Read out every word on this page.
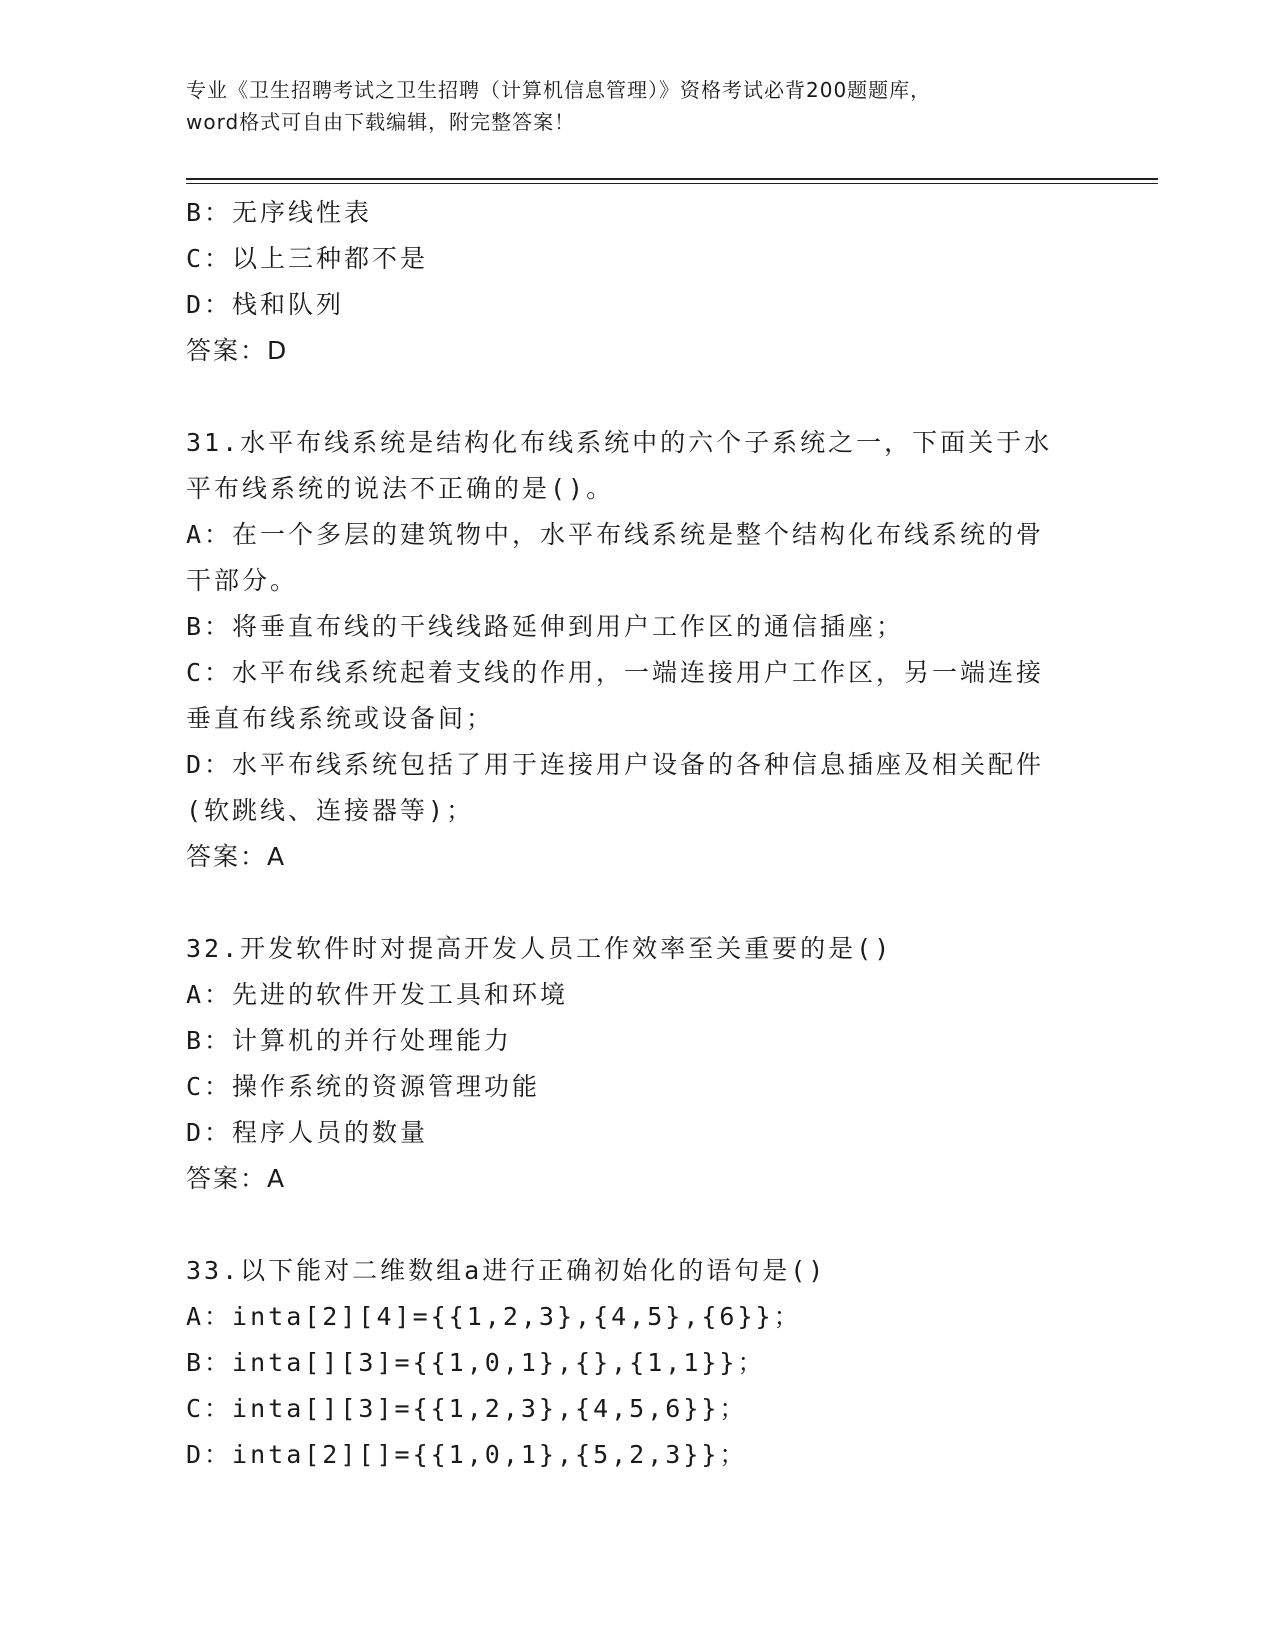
专业《卫生招聘考试之卫生招聘（计算机信息管理）》资格考试必背200题题库，
word格式可自由下载编辑，附完整答案！
B：无序线性表
C：以上三种都不是
D：栈和队列
答案：D
31.水平布线系统是结构化布线系统中的六个子系统之一，下面关于水
平布线系统的说法不正确的是()。
A：在一个多层的建筑物中，水平布线系统是整个结构化布线系统的骨
干部分。
B：将垂直布线的干线线路延伸到用户工作区的通信插座；
C：水平布线系统起着支线的作用，一端连接用户工作区，另一端连接
垂直布线系统或设备间；
D：水平布线系统包括了用于连接用户设备的各种信息插座及相关配件
(软跳线、连接器等)；
答案：A
32.开发软件时对提高开发人员工作效率至关重要的是()
A：先进的软件开发工具和环境
B：计算机的并行处理能力
C：操作系统的资源管理功能
D：程序人员的数量
答案：A
33.以下能对二维数组a进行正确初始化的语句是()
A：inta[2][4]={{1,2,3},{4,5},{6}}；
B：inta[][3]={{1,0,1},{},{1,1}}；
C：inta[][3]={{1,2,3},{4,5,6}}；
D：inta[2][]={{1,0,1},{5,2,3}}；
